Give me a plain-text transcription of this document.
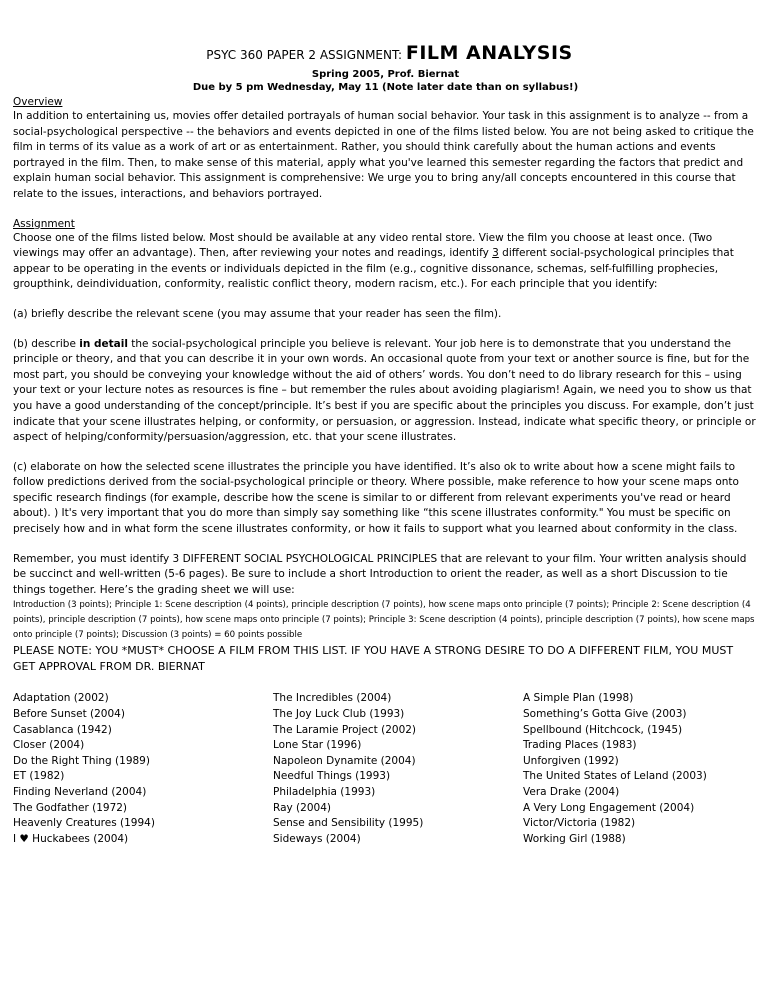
PSYC 360 PAPER 2 ASSIGNMENT: FILM ANALYSIS
Spring 2005, Prof. Biernat
Due by 5 pm Wednesday, May 11 (Note later date than on syllabus!)
Overview

In addition to entertaining us, movies offer detailed portrayals of human social behavior. Your task in this assignment is to analyze -- from a social-psychological perspective -- the behaviors and events depicted in one of the films listed below. You are not being asked to critique the film in terms of its value as a work of art or as entertainment. Rather, you should think carefully about the human actions and events portrayed in the film. Then, to make sense of this material, apply what you've learned this semester regarding the factors that predict and explain human social behavior. This assignment is comprehensive: We urge you to bring any/all concepts encountered in this course that relate to the issues, interactions, and behaviors portrayed.

Assignment

Choose one of the films listed below. Most should be available at any video rental store. View the film you choose at least once. (Two viewings may offer an advantage). Then, after reviewing your notes and readings, identify 3 different social-psychological principles that appear to be operating in the events or individuals depicted in the film (e.g., cognitive dissonance, schemas, self-fulfilling prophecies, groupthink, deindividuation, conformity, realistic conflict theory, modern racism, etc.). For each principle that you identify:

(a) briefly describe the relevant scene (you may assume that your reader has seen the film).

(b) describe in detail the social-psychological principle you believe is relevant. Your job here is to demonstrate that you understand the principle or theory, and that you can describe it in your own words. An occasional quote from your text or another source is fine, but for the most part, you should be conveying your knowledge without the aid of others’ words. You don’t need to do library research for this – using your text or your lecture notes as resources is fine – but remember the rules about avoiding plagiarism! Again, we need you to show us that you have a good understanding of the concept/principle. It’s best if you are specific about the principles you discuss. For example, don’t just indicate that your scene illustrates helping, or conformity, or persuasion, or aggression. Instead, indicate what specific theory, or principle or aspect of helping/conformity/persuasion/aggression, etc. that your scene illustrates.

(c) elaborate on how the selected scene illustrates the principle you have identified. It’s also ok to write about how a scene might fails to follow predictions derived from the social-psychological principle or theory. Where possible, make reference to how your scene maps onto specific research findings (for example, describe how the scene is similar to or different from relevant experiments you've read or heard about). ) It's very important that you do more than simply say something like “this scene illustrates conformity." You must be specific on precisely how and in what form the scene illustrates conformity, or how it fails to support what you learned about conformity in the class.

Remember, you must identify 3 DIFFERENT SOCIAL PSYCHOLOGICAL PRINCIPLES that are relevant to your film. Your written analysis should be succinct and well-written (5-6 pages). Be sure to include a short Introduction to orient the reader, as well as a short Discussion to tie things together. Here’s the grading sheet we will use:

Introduction (3 points); Principle 1: Scene description (4 points), principle description (7 points), how scene maps onto principle (7 points); Principle 2: Scene description (4 points), principle description (7 points), how scene maps onto principle (7 points); Principle 3: Scene description (4 points), principle description (7 points), how scene maps onto principle (7 points); Discussion (3 points) = 60 points possible

PLEASE NOTE: YOU *MUST* CHOOSE A FILM FROM THIS LIST. IF YOU HAVE A STRONG DESIRE TO DO A DIFFERENT FILM, YOU MUST GET APPROVAL FROM DR. BIERNAT

Adaptation (2002)
Before Sunset (2004)
Casablanca (1942)
Closer (2004)
Do the Right Thing (1989)
ET (1982)
Finding Neverland (2004)
The Godfather (1972)
Heavenly Creatures (1994)
I ♥ Huckabees (2004)
The Incredibles (2004)
The Joy Luck Club (1993)
The Laramie Project (2002)
Lone Star (1996)
Napoleon Dynamite (2004)
Needful Things (1993)
Philadelphia (1993)
Ray (2004)
Sense and Sensibility (1995)
Sideways (2004)
A Simple Plan (1998)
Something’s Gotta Give (2003)
Spellbound (Hitchcock, (1945)
Trading Places (1983)
Unforgiven (1992)
The United States of Leland (2003)
Vera Drake (2004)
A Very Long Engagement (2004)
Victor/Victoria (1982)
Working Girl (1988)
